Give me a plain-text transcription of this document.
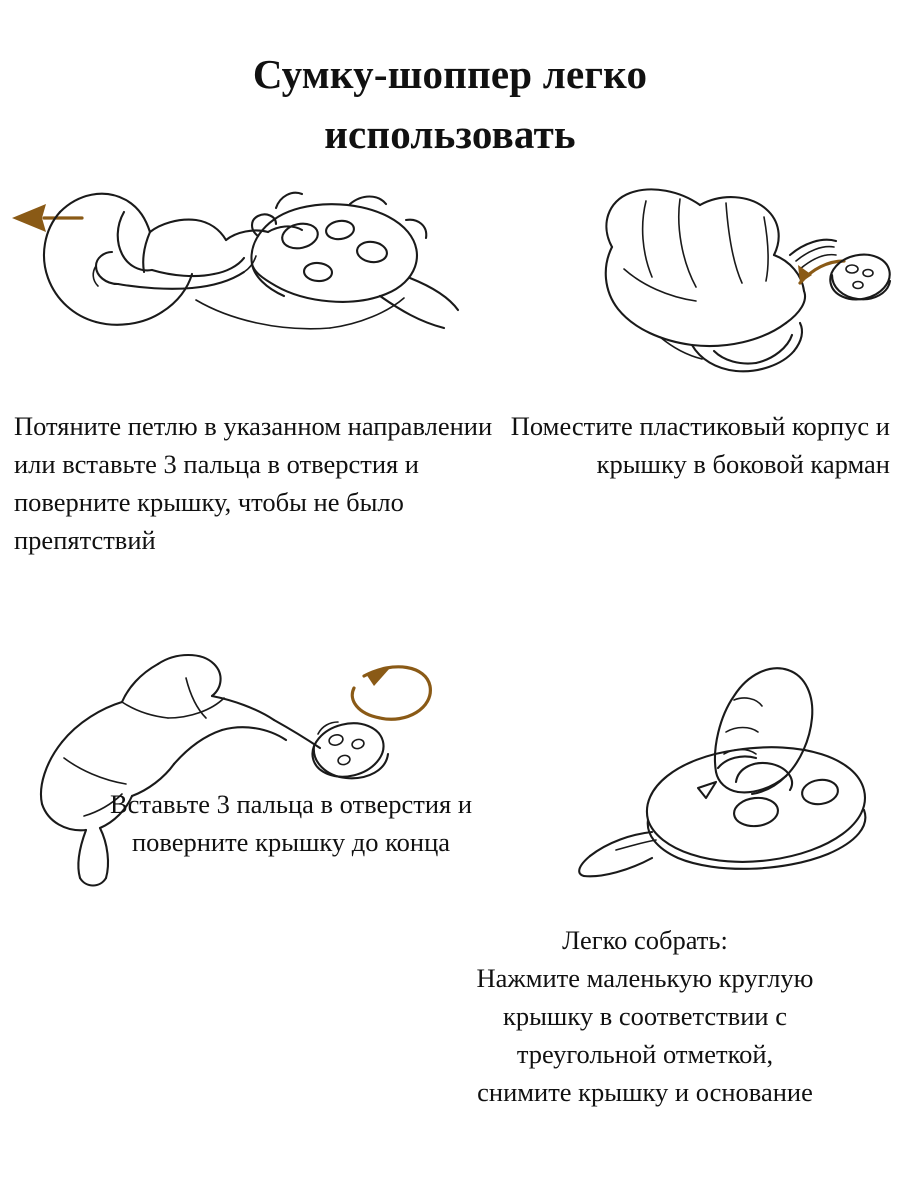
Сумку-шоппер легко
использовать
Потяните петлю в указанном направлении или вставьте 3 пальца в отверстия и поверните крышку, чтобы не было препятствий
Поместите пластиковый корпус и крышку в боковой карман
Вставьте 3 пальца в отверстия и поверните крышку до конца
Легко собрать:
Нажмите маленькую круглую
крышку в соответствии с
треугольной отметкой,
снимите крышку и основание
